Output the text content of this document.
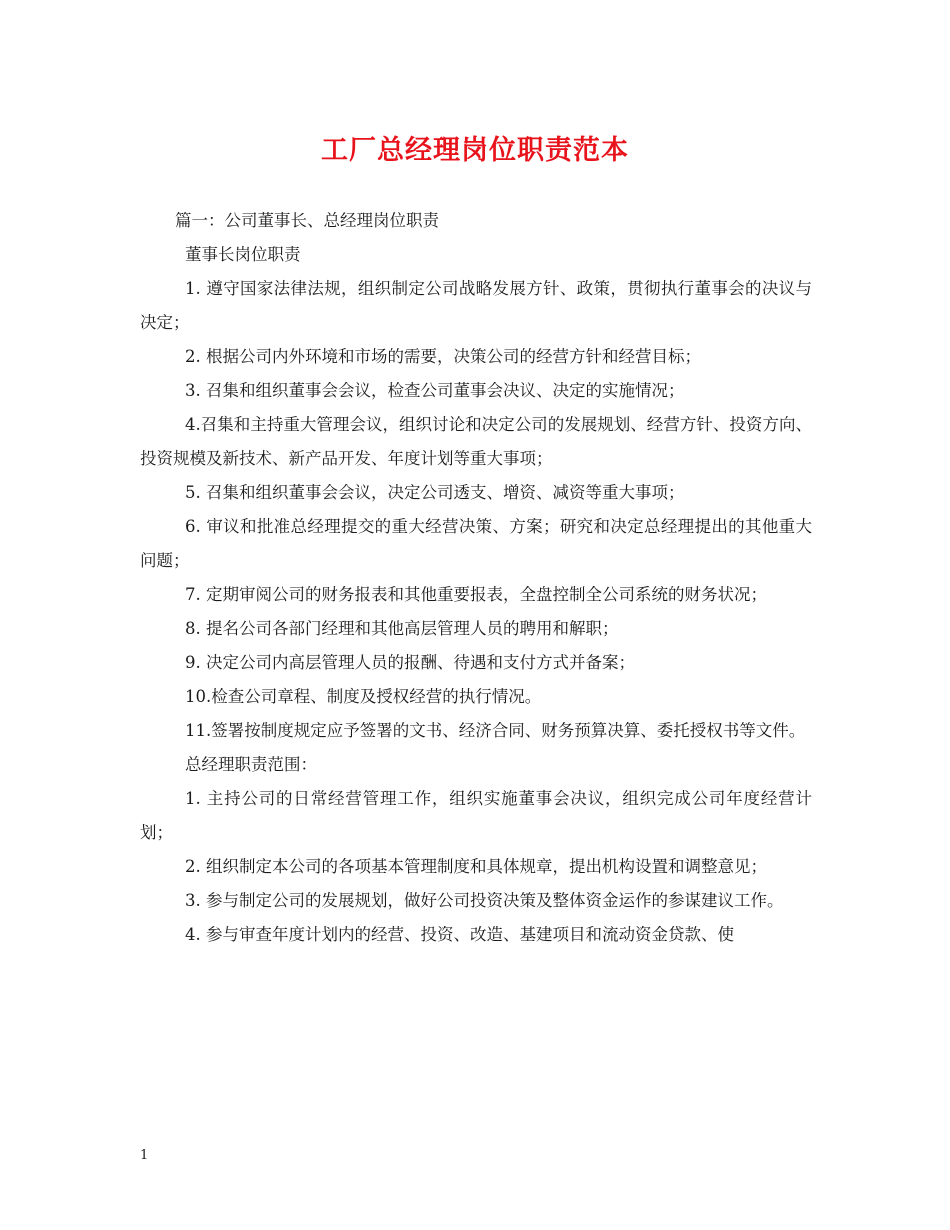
工厂总经理岗位职责范本

篇一：公司董事长、总经理岗位职责

董事长岗位职责

1. 遵守国家法律法规，组织制定公司战略发展方针、政策，贯彻执行董事会的决议与决定；

2. 根据公司内外环境和市场的需要，决策公司的经营方针和经营目标；

3. 召集和组织董事会会议，检查公司董事会决议、决定的实施情况；

4.召集和主持重大管理会议，组织讨论和决定公司的发展规划、经营方针、投资方向、投资规模及新技术、新产品开发、年度计划等重大事项；

5. 召集和组织董事会会议，决定公司透支、增资、减资等重大事项；

6. 审议和批准总经理提交的重大经营决策、方案；研究和决定总经理提出的其他重大问题；

7. 定期审阅公司的财务报表和其他重要报表，全盘控制全公司系统的财务状况；

8. 提名公司各部门经理和其他高层管理人员的聘用和解职；

9. 决定公司内高层管理人员的报酬、待遇和支付方式并备案；

10.检查公司章程、制度及授权经营的执行情况。

11.签署按制度规定应予签署的文书、经济合同、财务预算决算、委托授权书等文件。

总经理职责范围：

1. 主持公司的日常经营管理工作，组织实施董事会决议，组织完成公司年度经营计划；

2. 组织制定本公司的各项基本管理制度和具体规章，提出机构设置和调整意见；

3. 参与制定公司的发展规划，做好公司投资决策及整体资金运作的参谋建议工作。

4. 参与审查年度计划内的经营、投资、改造、基建项目和流动资金贷款、使

1
